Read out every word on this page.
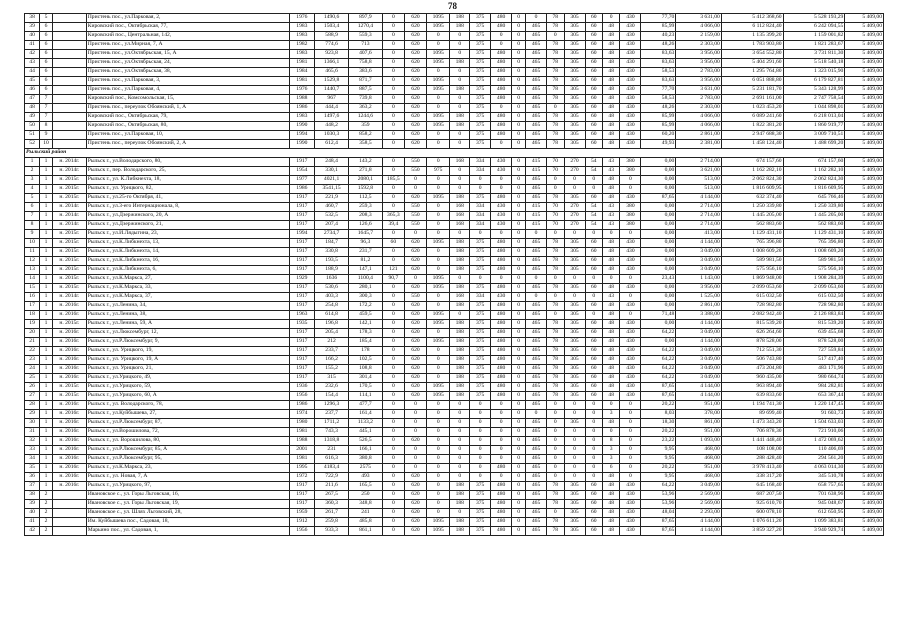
78
38	5		Пристень пос., ул.Парковая, 2,	1976	1490,6	897,9	0	620	1095	188	375	480	0	0	78	305	60	0	430	77,70	3 631,00	5 412 368,60	5 528 193,29	5 409,00
39	6		Кировский пос., Октябрьская, 77,	1983	1503,4	1270,4	0	620	1095	188	375	480	0	465	78	305	60	48	430	85,99	4 066,00	6 112 824,40	6 242 094,55	5 409,00
40	6		Кировский пос., Центральная, 142,	1983	588,9	559,3	0	620	0	0	375	0	0	465	0	305	60	48	430	40,23	2 159,00	1 135 399,20	1 159 001,82	5 409,00
41	6		Пристень пос., ул.Мирная, 7, А	1982	774,6	713	0	620	0	0	375	0	0	465	78	305	60	48	430	48,26	2 303,00	1 783 903,80	1 821 283,67	5 409,00
42	6		Пристень пос., ул.Октябрьская, 15, А	1983	923,8	407,6	0	620	1095	0	375	480	0	465	78	305	60	48	430	83,63	3 956,00	3 654 552,80	3 731 811,30	5 409,00
43	6		Пристень пос., ул.Октябрьская, 24,	1981	1366,1	758,8	0	620	1095	188	375	480	0	465	78	305	60	48	430	83,63	3 956,00	5 404 291,60	5 518 540,18	5 409,00
44	6		Пристень пос., ул.Октябрьская, 38,	1984	465,6	383,6	0	620	0	0	375	480	0	465	78	305	60	48	430	58,53	2 783,00	1 295 764,80	1 323 015,90	5 409,00
45	6		Пристень пос., ул.Парковая, 3,	1981	1529,8	871,7	0	620	1095	0	375	480	0	465	78	305	60	48	430	83,63	3 956,00	6 051 888,80	6 179 827,81	5 409,00
46	6		Пристень пос., ул.Парковая, 4,	1976	1440,7	887,5	0	620	1095	188	375	480	0	465	78	305	60	48	430	77,70	3 631,00	5 231 181,70	5 343 128,99	5 409,00
47	7		Кировский пос., Комсомольская, 15,	1988	967	739,8	0	620	0	0	375	480	0	465	78	305	60	48	430	58,53	2 783,00	2 691 161,00	2 747 758,54	5 409,00
48	7		Пристень пос., переулок Обоянский, 1, А	1986	444,4	363,2	0	620	0	0	375	0	0	465	0	305	60	48	430	48,26	2 303,00	1 023 453,20	1 044 898,01	5 409,00
49	7		Кировский пос., Октябрьская, 79,	1983	1497,6	1244,6	0	620	1095	188	375	480	0	465	78	305	60	48	430	85,99	4 066,00	6 089 241,60	6 218 013,04	5 409,00
50	8		Кировский пос., Октябрьская, 80,	1990	448,2	359	0	620	1095	188	375	480	0	465	78	305	60	48	430	85,99	4 066,00	1 822 381,20	1 860 919,77	5 409,00
51	9		Пристень пос., ул.Парковая, 10,	1994	1030,3	858,2	0	620	0	0	375	480	0	465	78	305	60	48	430	60,20	2 861,00	2 947 688,30	3 009 710,51	5 409,00
52	10		Пристень пос., переулок Обоянский, 2, А	1990	612,4	358,5	0	620	0	0	375	0	0	465	78	305	60	48	430	49,93	2 381,00	1 458 124,40	1 488 699,20	5 409,00
Рыльский район																								
1	1	н. 2014г.	Рыльск г., ул.Володарского, 80,	1917	248,4	143,2	0	550	0	168	334	430	0	415	70	270	54	43	380	0,00	2 714,00	674 157,60	674 157,60	5 409,00
2	1	н. 2014г.	Рыльск г., пер. Володарского, 25,	1954	330,1	271,8	0	550	975	0	334	430	0	415	70	270	54	43	380	0,00	3 621,00	1 162 282,10	1 162 282,10	5 409,00
3	1	н. 2015г.	Рыльск г., ул. К.Либкнехта, 18,	1977	4021,1	2080,1	185,5	0	0	0	0	0	0	465	0	0	0	48	0	0,00	513,00	2 062 824,30	2 062 824,30	5 409,00
4	1	н. 2015г.	Рыльск г., ул. Урицкого, 82,	1986	3541,15	1592,8	0	0	0	0	0	0	0	465	0	0	0	48	0	0,00	513,00	1 816 609,95	1 816 609,95	5 409,00
5	1	н. 2015г.	Рыльск г., ул.25-го Октября, 41,	1917	221,9	112,5	0	620	1095	188	375	480	0	465	78	305	60	48	430	87,65	4 144,00	632 374,40	645 766,46	5 409,00
6	1	н. 2014г.	Рыльск г., ул.3-его Интернационала, 8,	1917	460,7	259,3	0	550	0	168	334	430	0	415	70	270	54	43	380	0,00	2 714,00	1 250 339,80	1 250 339,80	5 409,00
7	1	н. 2014г.	Рыльск г., ул.Дзержинского, 20, А	1917	532,5	208,3	365,3	550	0	168	334	430	0	415	70	270	54	43	380	0,00	2 714,00	1 445 205,00	1 445 205,00	5 409,00
8	1	н. 2014г.	Рыльск г., ул.Дзержинского, 21,	1917	207,4	126,6	39,4	550	0	168	334	430	0	415	70	270	54	43	380	0,00	2 714,00	562 883,60	562 883,60	5 409,00
9	1	н. 2015г.	Рыльск г., ул.И.Лядыгина, 23,	1994	2734,7	1645,7	0	0	0	0	0	0	0	0	0	0	0	0	0	0,00	413,00	1 129 431,10	1 129 431,10	5 409,00
10	1	н. 2015г.	Рыльск г., ул.К.Либкнехта, 13,	1917	184,7	96,3	60	620	1095	188	375	480	0	465	78	305	60	48	430	0,00	4 144,00	765 396,80	765 396,80	5 409,00
11	1	н. 2015г.	Рыльск г., ул.К.Либкнехта, 14,	1917	330,8	231,7	0	620	0	188	375	480	0	465	78	305	60	48	430	0,00	3 049,00	1 008 609,20	1 008 609,20	5 409,00
12	1	н. 2015г.	Рыльск г., ул.К.Либкнехта, 16,	1917	193,5	81,2	0	620	0	188	375	480	0	465	78	305	60	48	430	0,00	3 049,00	589 981,50	589 981,50	5 409,00
13	1	н. 2015г.	Рыльск г., ул.К.Либкнехта, 6,	1917	188,9	147,1	121	620	0	188	375	480	0	465	78	305	60	48	430	0,00	3 049,00	575 956,10	575 956,10	5 409,00
14	1	н. 2015г.	Рыльск г., ул.К.Маркса, 27,	1929	1636	1100,4	90,7	0	1095	0	0	0	0	0	0	0	0	0	0	23,43	1 143,00	1 869 948,00	1 908 284,39	5 409,00
15	1	н. 2015г.	Рыльск г., ул.К.Маркса, 33,	1917	530,6	280,1	0	620	1095	188	375	480	0	465	78	305	60	48	430	0,00	3 956,00	2 099 053,60	2 099 053,60	5 409,00
16	1	н. 2014г.	Рыльск г., ул.К.Маркса, 37,	1917	403,3	300,3	0	550	0	168	334	430	0	0	0	0	0	43	0	0,00	1 525,00	615 032,50	615 032,50	5 409,00
17	1	н. 2016г.	Рыльск г., ул.Ленина, 34,	1917	254,8	172,2	0	620	0	188	375	480	0	465	78	305	60	48	430	0,00	2 861,00	728 982,80	728 982,80	5 409,00
18	1	н. 2016г.	Рыльск г., ул.Ленина, 38,	1963	614,8	459,5	0	620	1095	0	375	480	0	465	0	305	0	48	0	71,48	3 388,00	2 082 942,40	2 126 883,84	5 409,00
19	1	н. 2015г.	Рыльск г., ул.Ленина, 59, А	1935	196,8	142,1	0	620	1095	188	375	480	0	465	78	305	60	48	430	0,00	4 144,00	815 539,20	815 539,20	5 409,00
20	1	н. 2016г.	Рыльск г., ул.Люксембург, 12,	1917	205,4	178,3	0	620	0	188	375	480	0	465	78	305	60	48	430	64,22	3 049,00	626 264,60	639 455,68	5 409,00
21	1	н. 2016г.	Рыльск г., ул.Р.Люксембург, 9,	1917	212	185,4	0	620	1095	188	375	480	0	465	78	305	60	48	430	0,00	4 144,00	878 528,00	878 528,00	5 409,00
22	1	н. 2016г.	Рыльск г., ул. Урицкого, 19,	1917	233,7	178	0	620	0	188	375	480	0	465	78	305	60	48	430	64,22	3 049,00	712 551,30	727 559,84	5 409,00
23	1	н. 2016г.	Рыльск г., ул. Урицкого, 19, А	1917	166,2	102,5	0	620	0	188	375	480	0	465	78	305	60	48	430	64,22	3 049,00	506 743,80	517 417,40	5 409,00
24	1	н. 2016г.	Рыльск г., ул. Урицкого, 21,	1917	155,2	108,8	0	620	0	188	375	480	0	465	78	305	60	48	430	64,22	3 049,00	473 204,80	483 171,96	5 409,00
25	1	н. 2016г.	Рыльск г., ул.Урицкого, 49,	1917	315	301,4	0	620	0	188	375	480	0	465	78	305	60	48	430	64,22	3 049,00	960 435,00	980 664,74	5 409,00
26	1	н. 2015г.	Рыльск г., ул.Урицкого, 59,	1936	232,6	170,5	0	620	1095	188	375	480	0	465	78	305	60	48	430	87,65	4 144,00	963 894,40	984 282,81	5 409,00
27	1	н. 2015г.	Рыльск г., ул.Урицкого, 60, А	1956	154,4	114,1	0	620	1095	188	375	480	0	465	78	305	60	48	430	87,65	4 144,00	639 833,60	653 367,44	5 409,00
28	1	н. 2016г.	Рыльск г., ул. Володарского, 78,	1986	1296,3	477,7	0	0	0	0	0	0	0	465	0	0	0	0	0	20,22	951,00	1 194 741,30	1 220 147,45	5 409,00
29	1	н. 2016г.	Рыльск г., ул.Куйбышева, 27,	1974	237,7	161,4	0	0	0	0	0	0	0	0	0	0	0	3	0	8,03	378,00	89 699,40	91 603,73	5 409,00
30	1	н. 2016г.	Рыльск г., ул.Р.Люксембург, 87,	1980	1711,2	1133,2	0	0	0	0	0	0	0	465	0	305	0	48	0	18,30	861,00	1 473 343,20	1 504 633,03	5 409,00
31	1	н. 2016г.	Рыльск г., ул.Ворошилова, 72,	1981	743,3	445,1	0	0	0	0	0	0	0	465	0	0	0	0	0	20,22	951,00	706 878,30	721 910,06	5 409,00
32	1	н. 2016г.	Рыльск г., ул. Ворошилова, 80,	1988	1318,8	526,5	0	620	0	0	0	0	0	465	0	0	0	8	0	23,22	1 093,00	1 441 448,40	1 472 069,62	5 409,00
33	1	н. 2016г.	Рыльск г., ул.Р.Люксембург, 85, А	2001	231	166,1	0	0	0	0	0	0	0	465	0	0	0	3	0	9,95	468,00	108 108,00	110 406,69	5 409,00
34	1	н. 2016г.	Рыльск г., ул.Р.Люксембург, 95,	1981	616,3	380,8	0	0	0	0	0	0	0	465	0	0	0	3	0	9,95	468,00	288 428,40	294 561,20	5 409,00
35	1	н. 2016г.	Рыльск г., ул.К.Маркса, 23,	1995	4183,4	2575	0	0	0	0	0	480	0	465	0	0	0	6	0	20,22	951,00	3 978 413,40	4 063 014,30	5 409,00
36	1	н. 2016г.	Рыльск г., ул. Новая, 7, А	1972	722,9	493	0	620	0	0	0	0	0	465	0	0	0	48	0	9,95	468,00	338 317,20	345 510,78	5 409,00
37	1	н. 2016г.	Рыльск г., ул.Урицкого, 97,	1917	211,6	165,5	0	620	0	188	375	480	0	465	78	305	60	48	430	64,22	3 049,00	645 168,40	658 757,65	5 409,00
38	2		Ивановское с., ул. Горы Льговская, 16,	1917	267,5	250	0	620	0	188	375	480	0	465	78	305	60	48	430	53,96	2 569,00	687 207,50	701 638,96	5 409,00
39	2		Ивановское с., ул. Горы Льговская, 19,	1917	360,3	348,8	0	620	0	188	375	480	0	465	78	305	60	48	430	53,96	2 569,00	925 610,70	945 048,67	5 409,00
40	2		Ивановское с., ул. Шлях Льговский, 28,	1959	261,7	241	0	620	0	0	375	480	0	465	0	305	60	48	430	48,04	2 293,00	600 078,10	612 650,95	5 409,00
41	2		Им. Куйбышева пос., Садовая, 18,	1912	259,8	485,8	0	620	1095	188	375	480	0	465	78	305	60	48	430	87,65	4 144,00	1 076 611,20	1 099 383,81	5 409,00
42	2		Марьино пос., ул. Садовая, 1,	1956	933,3	861,1	0	620	1095	188	375	480	0	465	78	305	60	48	430	87,65	4 144,00	3 859 327,20	3 940 929,74	5 409,00
